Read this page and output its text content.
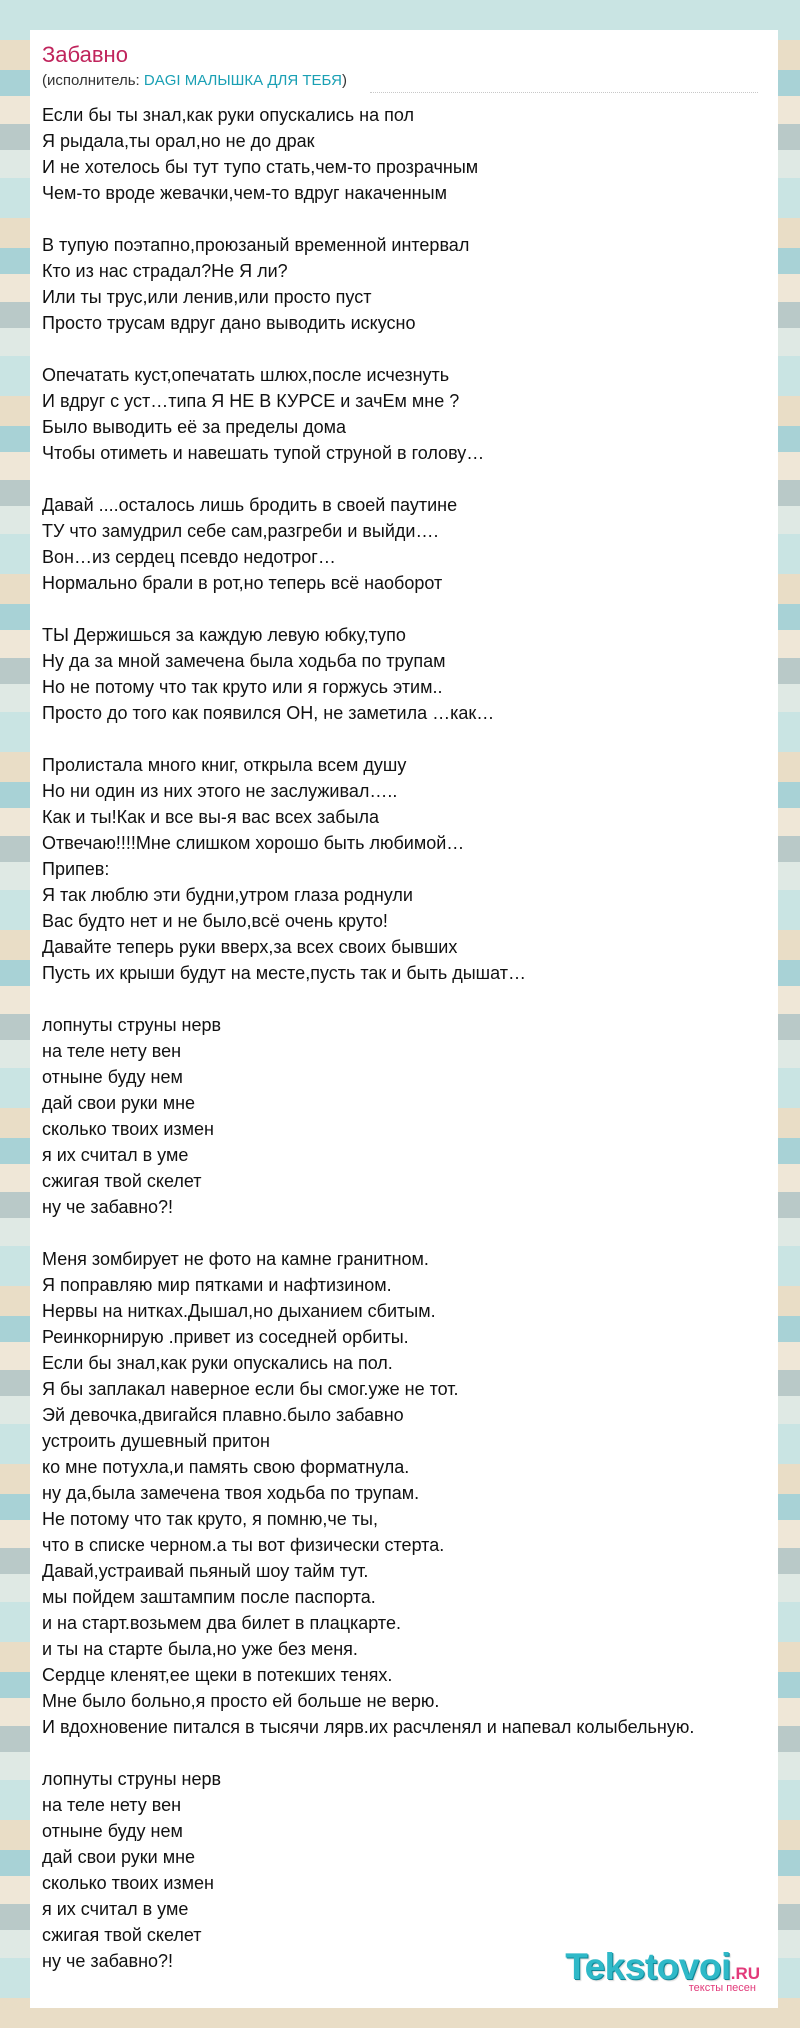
Забавно
(исполнитель: DAGI МАЛЫШКА ДЛЯ ТЕБЯ)
Если бы ты знал,как руки опускались на пол
Я рыдала,ты орал,но не до драк
И не хотелось бы тут тупо стать,чем-то прозрачным
Чем-то вроде жевачки,чем-то вдруг накаченным
В тупую поэтапно,проюзаный временной интервал
Кто из нас страдал?Не Я ли?
Или ты трус,или ленив,или просто пуст
Просто трусам вдруг дано выводить искусно
Опечатать куст,опечатать шлюх,после исчезнуть
И вдруг с уст…типа Я НЕ В КУРСЕ и зачЕм мне ?
Было выводить её за пределы дома
Чтобы отиметь и навешать тупой струной в голову…
Давай ....осталось лишь бродить в своей паутине
ТУ что замудрил себе сам,разгреби и выйди….
Вон…из сердец псевдо недотрог…
Нормально брали в рот,но теперь всё наоборот
ТЫ Держишься за каждую левую юбку,тупо
Ну да за мной замечена была ходьба по трупам
Но не потому что так круто или я горжусь этим..
Просто до того как появился ОН, не заметила …как…
Пролистала много книг, открыла всем душу
Но ни один из них этого не заслуживал…..
Как и ты!Как и все вы-я вас всех забыла
Отвечаю!!!!Мне слишком хорошо быть любимой…
Припев:
Я так люблю эти будни,утром глаза роднули
Вас будто нет и не было,всё очень круто!
Давайте теперь руки вверх,за всех своих бывших
Пусть их крыши будут на месте,пусть так и быть дышат…
лопнуты струны нерв
на теле нету вен
отныне буду нем
дай свои руки мне
сколько твоих измен
я их считал в уме
сжигая твой скелет
ну че забавно?!
Меня зомбирует не фото на камне гранитном.
Я поправляю мир пятками и нафтизином.
Нервы на нитках.Дышал,но дыханием сбитым.
Реинкорнирую .привет из соседней орбиты.
Если бы знал,как руки опускались на пол.
Я бы заплакал наверное если бы смог.уже не тот.
Эй девочка,двигайся плавно.было забавно
устроить душевный притон
ко мне потухла,и память свою форматнула.
ну да,была замечена твоя ходьба по трупам.
Не потому что так круто, я помню,че ты,
что в списке черном.а ты вот физически стерта.
Давай,устраивай пьяный шоу тайм тут.
мы пойдем заштампим после паспорта.
и на старт.возьмем два билет в плацкарте.
и ты на старте была,но уже без меня.
Сердце кленят,ее щеки в потекших тенях.
Мне было больно,я просто ей больше не верю.
И вдохновение питался в тысячи лярв.их расчленял и напевал колыбельную.
лопнуты струны нерв
на теле нету вен
отныне буду нем
дай свои руки мне
сколько твоих измен
я их считал в уме
сжигая твой скелет
ну че забавно?!	Tekstovoi.RU
тексты песен
